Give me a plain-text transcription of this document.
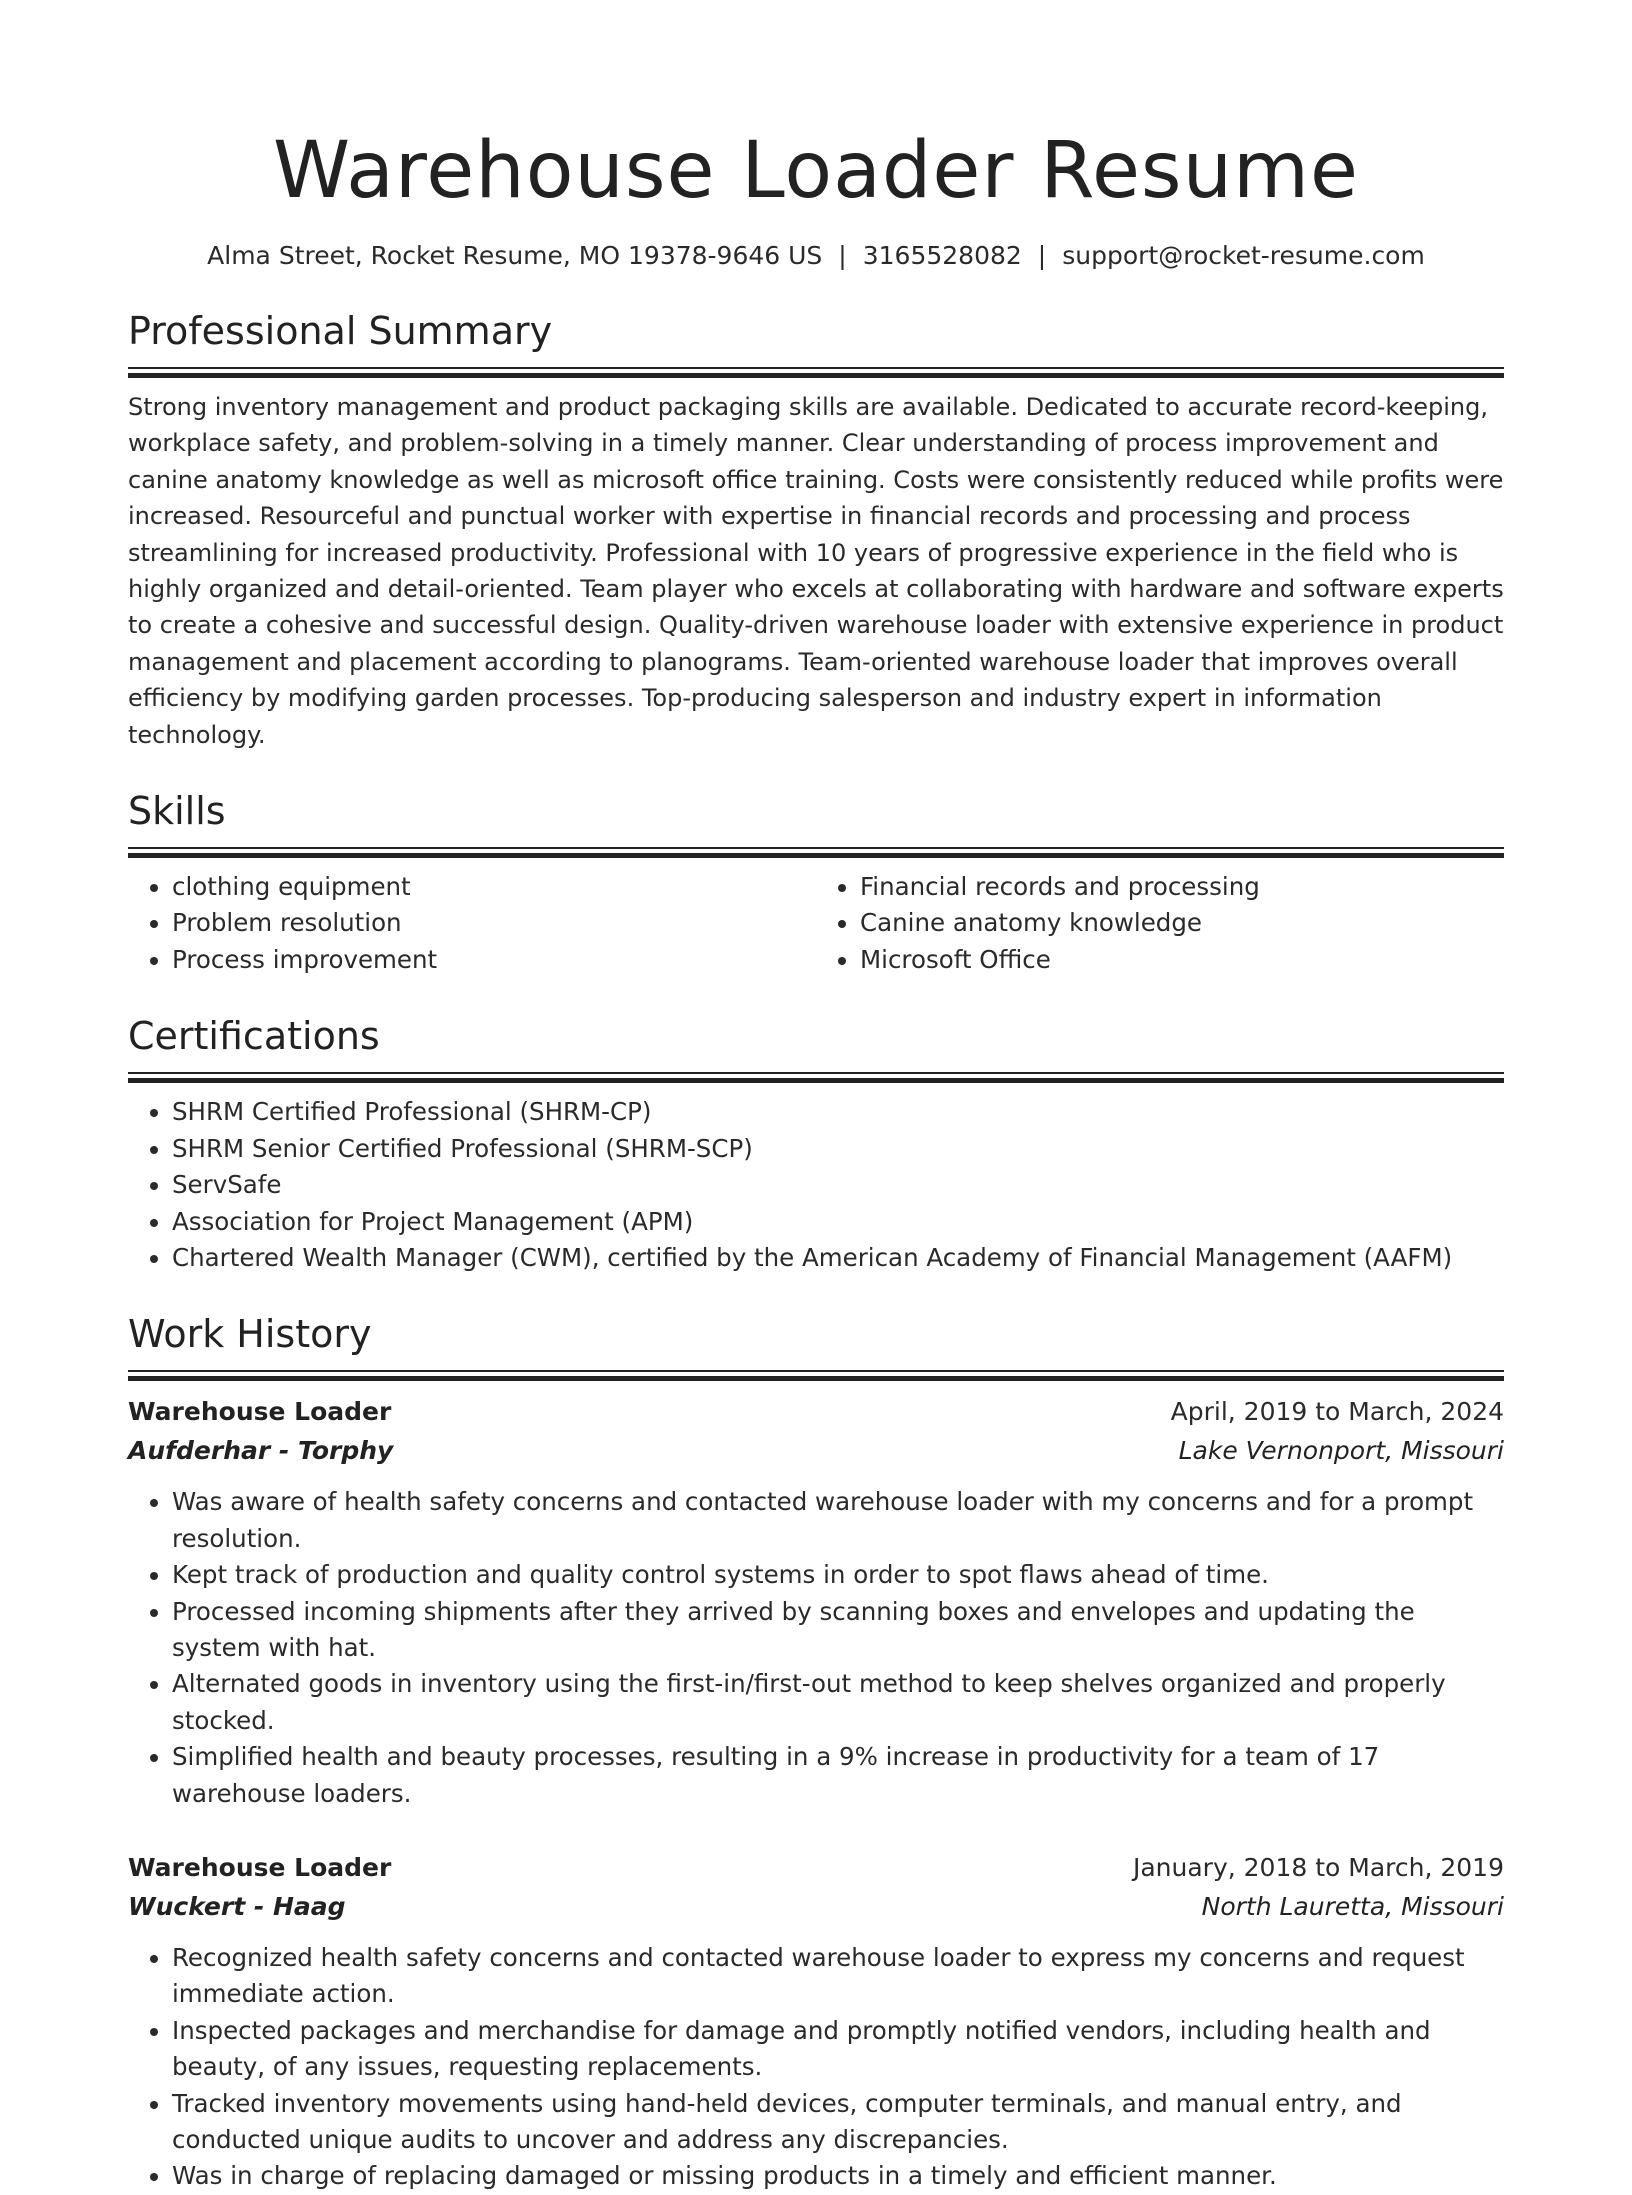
Warehouse Loader Resume
Alma Street, Rocket Resume, MO 19378-9646 US | 3165528082 | support@rocket-resume.com
Professional Summary

Strong inventory management and product packaging skills are available. Dedicated to accurate record-keeping, workplace safety, and problem-solving in a timely manner. Clear understanding of process improvement and canine anatomy knowledge as well as microsoft office training. Costs were consistently reduced while profits were increased. Resourceful and punctual worker with expertise in financial records and processing and process streamlining for increased productivity. Professional with 10 years of progressive experience in the field who is highly organized and detail-oriented. Team player who excels at collaborating with hardware and software experts to create a cohesive and successful design. Quality-driven warehouse loader with extensive experience in product management and placement according to planograms. Team-oriented warehouse loader that improves overall efficiency by modifying garden processes. Top-producing salesperson and industry expert in information technology.

Skills
• clothing equipment
• Problem resolution
• Process improvement
• Financial records and processing
• Canine anatomy knowledge
• Microsoft Office
Certifications
• SHRM Certified Professional (SHRM-CP)
• SHRM Senior Certified Professional (SHRM-SCP)
• ServSafe
• Association for Project Management (APM)
• Chartered Wealth Manager (CWM), certified by the American Academy of Financial Management (AAFM)
Work History
Warehouse Loader	April, 2019 to March, 2024
Aufderhar - Torphy	Lake Vernonport, Missouri
• Was aware of health safety concerns and contacted warehouse loader with my concerns and for a prompt resolution.
• Kept track of production and quality control systems in order to spot flaws ahead of time.
• Processed incoming shipments after they arrived by scanning boxes and envelopes and updating the system with hat.
• Alternated goods in inventory using the first-in/first-out method to keep shelves organized and properly stocked.
• Simplified health and beauty processes, resulting in a 9% increase in productivity for a team of 17 warehouse loaders.
Warehouse Loader	January, 2018 to March, 2019
Wuckert - Haag	North Lauretta, Missouri
• Recognized health safety concerns and contacted warehouse loader to express my concerns and request immediate action.
• Inspected packages and merchandise for damage and promptly notified vendors, including health and beauty, of any issues, requesting replacements.
• Tracked inventory movements using hand-held devices, computer terminals, and manual entry, and conducted unique audits to uncover and address any discrepancies.
• Was in charge of replacing damaged or missing products in a timely and efficient manner.
